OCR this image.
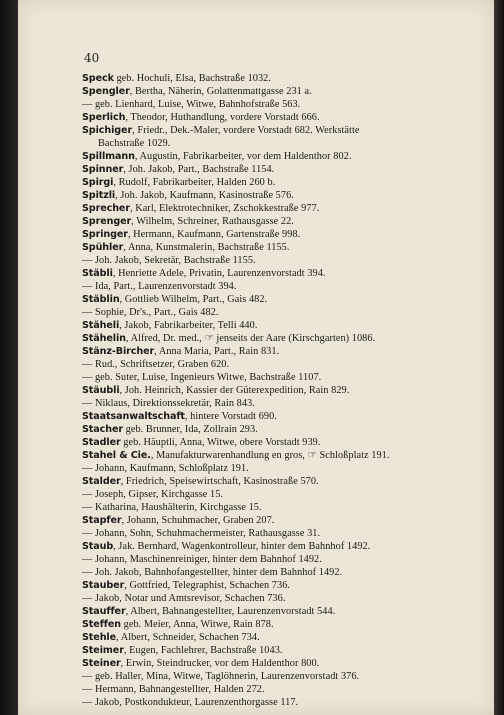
40
Speck geb. Hochuli, Elsa, Bachstraße 1032.
Spengler, Bertha, Näherin, Golattenmattgasse 231 a.
— geb. Lienhard, Luise, Witwe, Bahnhofstraße 563.
Sperlich, Theodor, Huthandlung, vordere Vorstadt 666.
Spichiger, Friedr., Dek.-Maler, vordere Vorstadt 682. Werkstätte
Bachstraße 1029.
Spillmann, Augustin, Fabrikarbeiter, vor dem Haldenthor 802.
Spinner, Joh. Jakob, Part., Bachstraße 1154.
Spirgi, Rudolf, Fabrikarbeiter, Halden 260 b.
Spitzli, Joh. Jakob, Kaufmann, Kasinostraße 576.
Sprecher, Karl, Elektrotechniker, Zschokkestraße 977.
Sprenger, Wilhelm, Schreiner, Rathausgasse 22.
Springer, Hermann, Kaufmann, Gartenstraße 998.
Spühler, Anna, Kunstmalerin, Bachstraße 1155.
— Joh. Jakob, Sekretär, Bachstraße 1155.
Stäbli, Henriette Adele, Privatin, Laurenzenvorstadt 394.
— Ida, Part., Laurenzenvorstadt 394.
Stäblin, Gottlieb Wilhelm, Part., Gais 482.
— Sophie, Dr's., Part., Gais 482.
Stäheli, Jakob, Fabrikarbeiter, Telli 440.
Stähelin, Alfred, Dr. med., ☞ jenseits der Aare (Kirschgarten) 1086.
Stänz-Bircher, Anna Maria, Part., Rain 831.
— Rud., Schriftsetzer, Graben 620.
— geb. Suter, Luise, Ingenieurs Witwe, Bachstraße 1107.
Stäubli, Joh. Heinrich, Kassier der Güterexpedition, Rain 829.
— Niklaus, Direktionssekretär, Rain 843.
Staatsanwaltschaft, hintere Vorstadt 690.
Stacher geb. Brunner, Ida, Zollrain 293.
Stadler geb. Häuptli, Anna, Witwe, obere Vorstadt 939.
Stahel & Cie., Manufakturwarenhandlung en gros, ☞ Schloßplatz 191.
— Johann, Kaufmann, Schloßplatz 191.
Stalder, Friedrich, Speisewirtschaft, Kasinostraße 570.
— Joseph, Gipser, Kirchgasse 15.
— Katharina, Haushälterin, Kirchgasse 15.
Stapfer, Johann, Schuhmacher, Graben 207.
— Johann, Sohn, Schuhmachermeister, Rathausgasse 31.
Staub, Jak. Bernhard, Wagenkontrolleur, hinter dem Bahnhof 1492.
— Johann, Maschinenreiniger, hinter dem Bahnhof 1492.
— Joh. Jakob, Bahnhofangestellter, hinter dem Bahnhof 1492.
Stauber, Gottfried, Telegraphist, Schachen 736.
— Jakob, Notar und Amtsrevisor, Schachen 736.
Stauffer, Albert, Bahnangestellter, Laurenzenvorstadt 544.
Steffen geb. Meier, Anna, Witwe, Rain 878.
Stehle, Albert, Schneider, Schachen 734.
Steimer, Eugen, Fachlehrer, Bachstraße 1043.
Steiner, Erwin, Steindrucker, vor dem Haldenthor 800.
— geb. Haller, Mina, Witwe, Taglöhnerin, Laurenzenvorstadt 376.
— Hermann, Bahnangestellter, Halden 272.
— Jakob, Postkondukteur, Laurenzenthorgasse 117.
